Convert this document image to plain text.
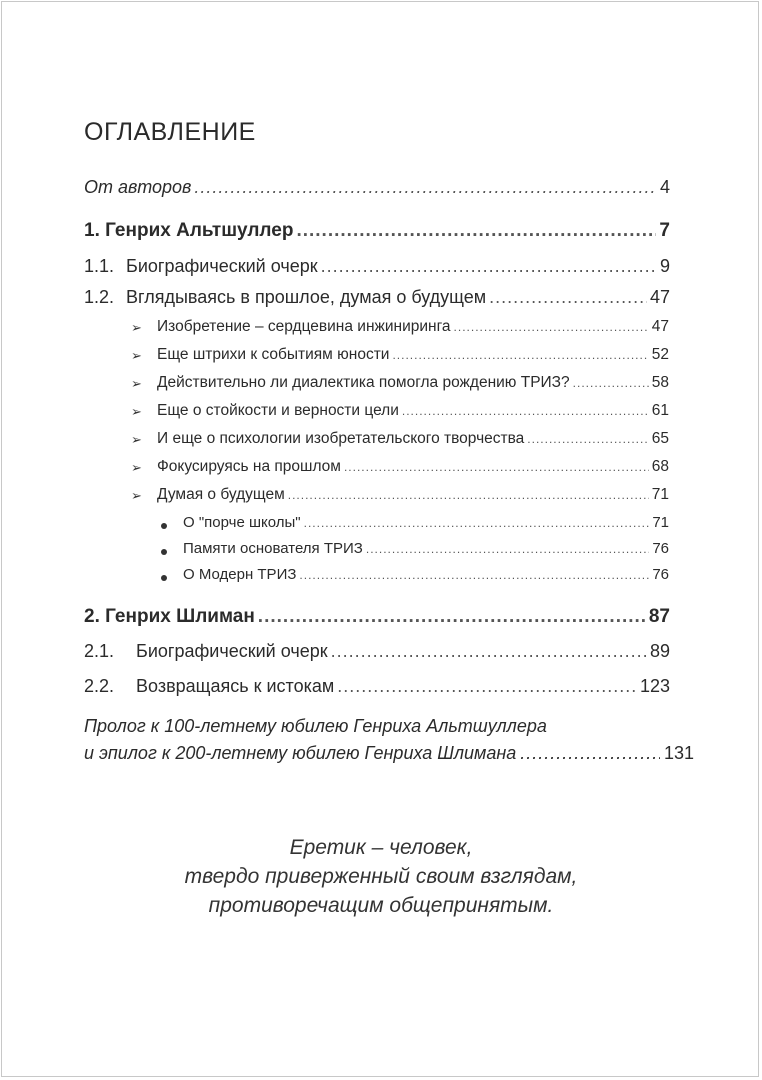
ОГЛАВЛЕНИЕ
От авторов .....	4
1. Генрих Альтшуллер .....	7
1.1. Биографический очерк .....	9
1.2. Вглядываясь в прошлое, думая о будущем .....	47
➢ Изобретение – сердцевина инжиниринга .....	47
➢ Еще штрихи к событиям юности .....	52
➢ Действительно ли диалектика помогла рождению ТРИЗ? .....	58
➢ Еще о стойкости и верности цели .....	61
➢ И еще о психологии изобретательского творчества .....	65
➢ Фокусируясь на прошлом .....	68
➢ Думая о будущем .....	71
О "порче школы" .....	71
Памяти основателя ТРИЗ .....	76
О Модерн ТРИЗ .....	76
2. Генрих Шлиман .....	87
2.1.	Биографический очерк .....	89
2.2.	Возвращаясь к истокам .....	123
Пролог к 100-летнему юбилею Генриха Альтшуллера
и эпилог к 200-летнему юбилею Генриха Шлимана .....	131
Еретик – человек,
твердо приверженный своим взглядам,
противоречащим общепринятым.
